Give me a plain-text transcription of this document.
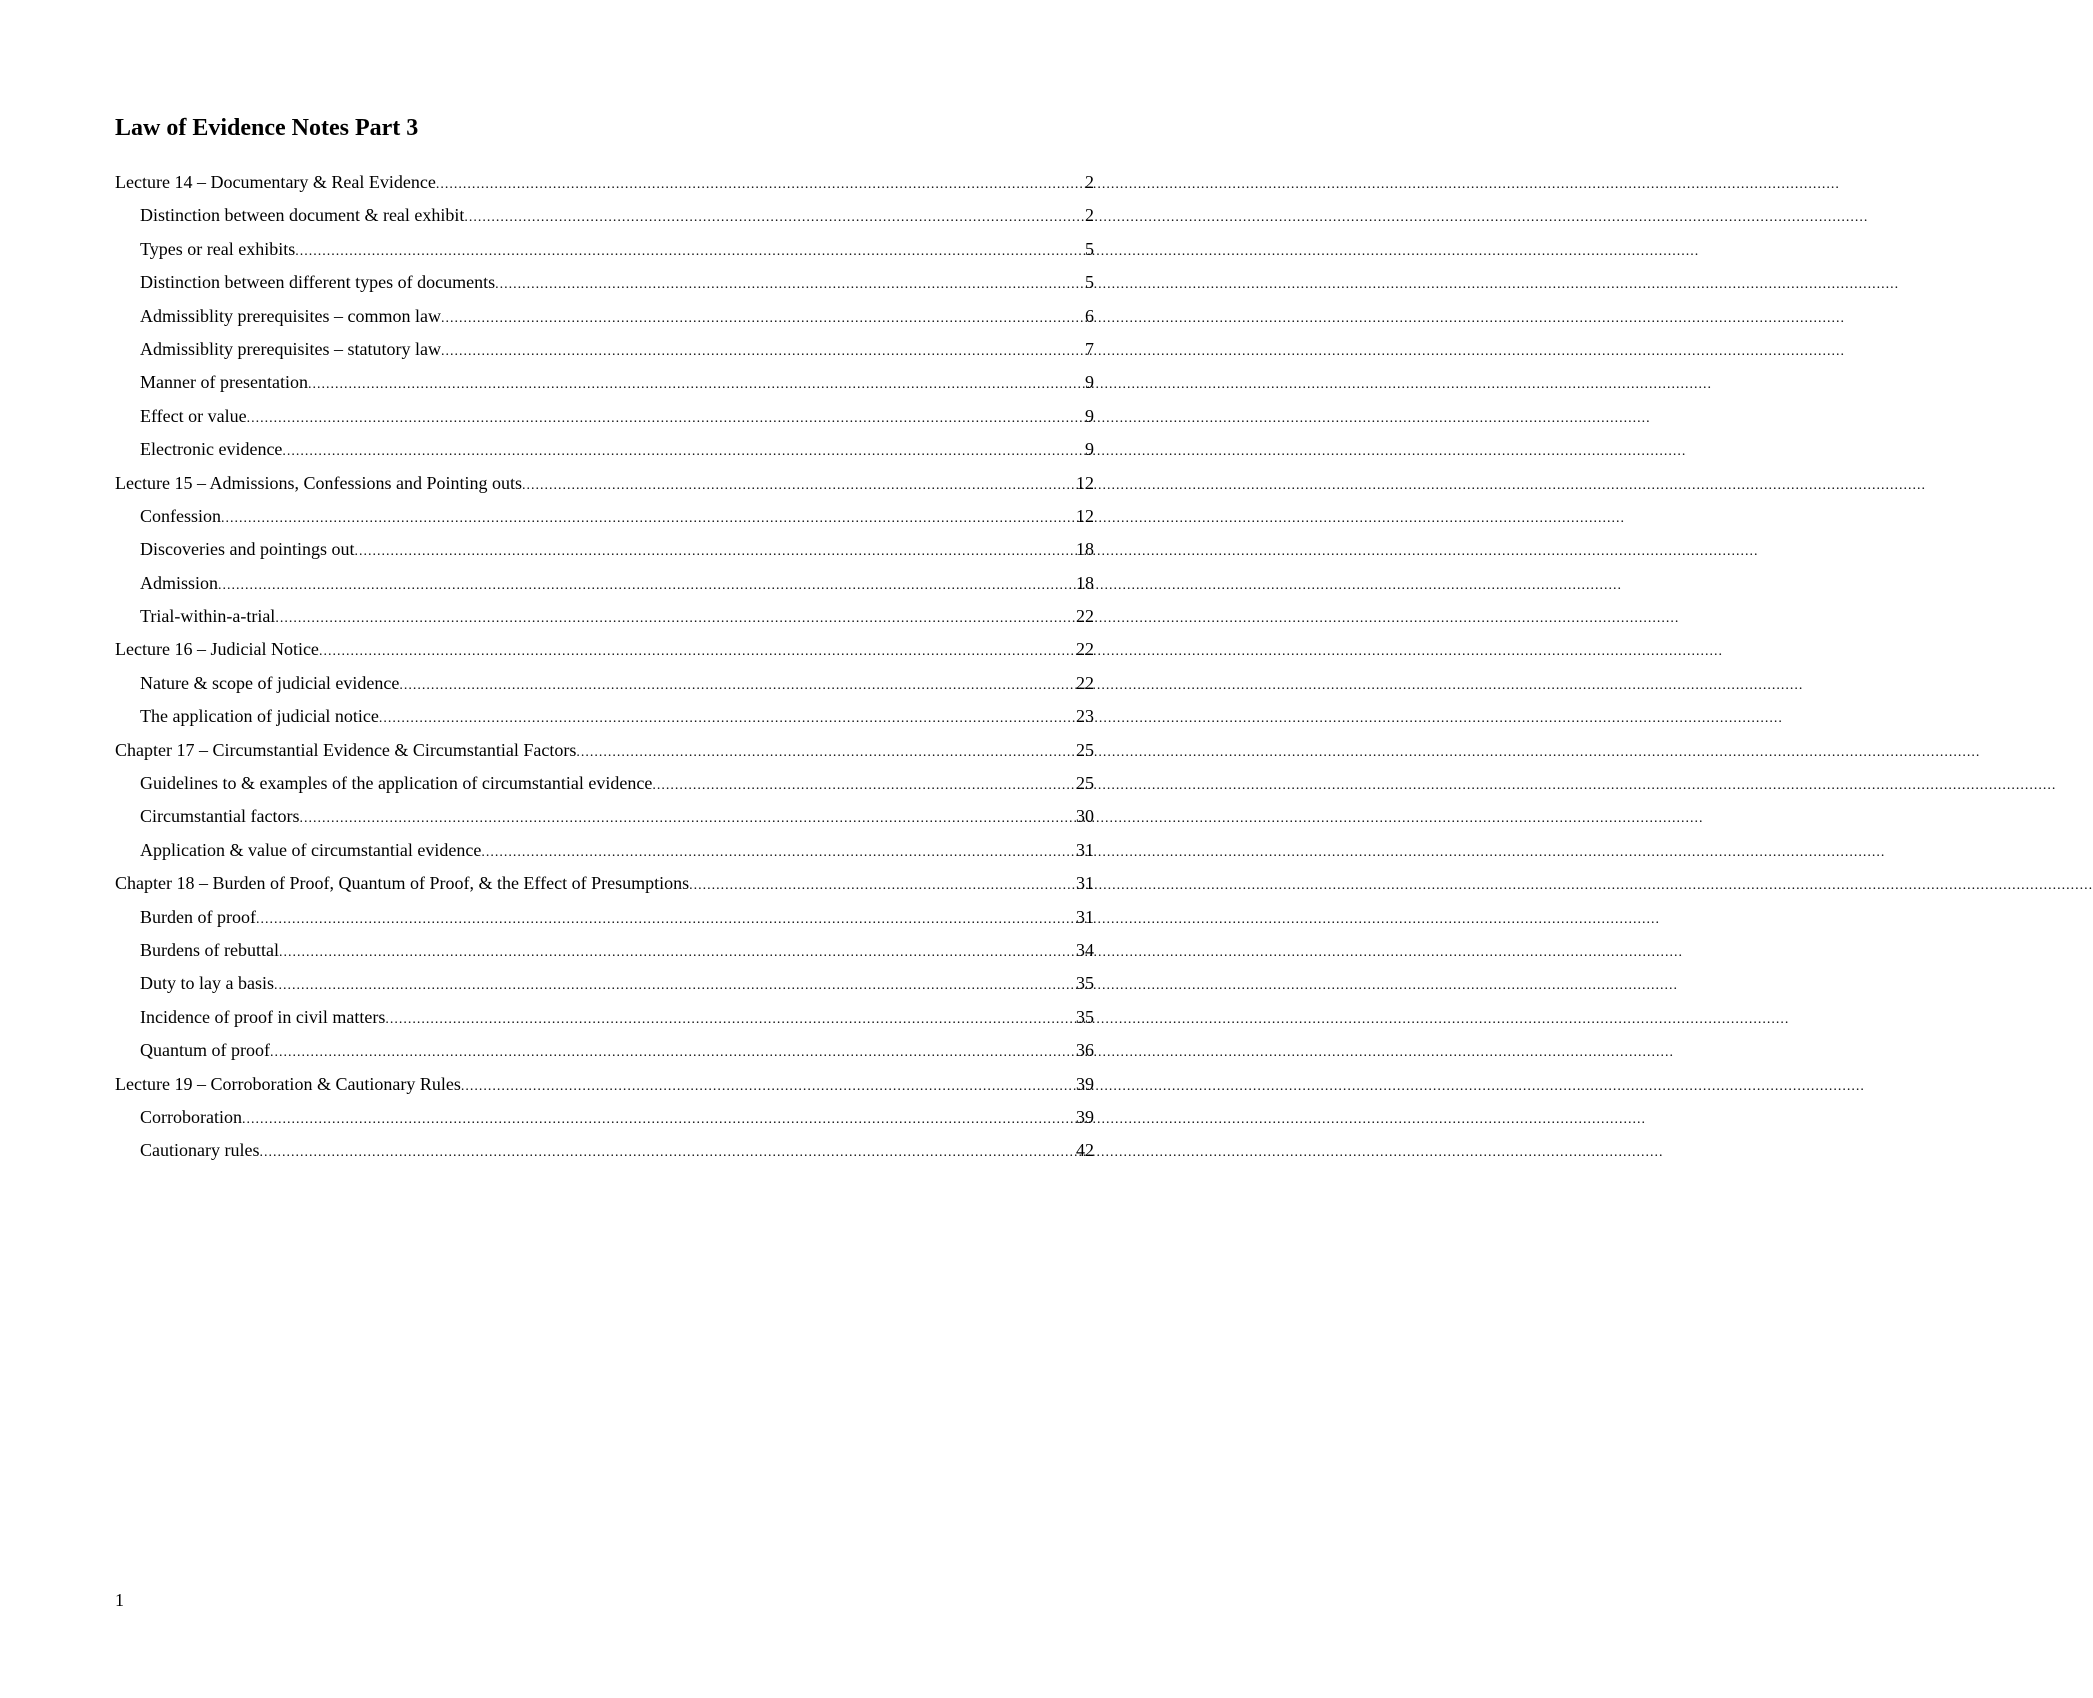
Law of Evidence Notes Part 3
Lecture 14 – Documentary & Real Evidence .....	2
Distinction between document & real exhibit .....	2
Types or real exhibits .....	5
Distinction between different types of documents .....	5
Admissiblity prerequisites – common law .....	6
Admissiblity prerequisites – statutory law .....	7
Manner of presentation .....	9
Effect or value .....	9
Electronic evidence .....	9
Lecture 15 – Admissions, Confessions and Pointing outs .....	12
Confession .....	12
Discoveries and pointings out .....	18
Admission .....	18
Trial-within-a-trial .....	22
Lecture 16 – Judicial Notice .....	22
Nature & scope of judicial evidence .....	22
The application of judicial notice .....	23
Chapter 17 – Circumstantial Evidence & Circumstantial Factors .....	25
Guidelines to & examples of the application of circumstantial evidence .....	25
Circumstantial factors .....	30
Application & value of circumstantial evidence .....	31
Chapter 18 – Burden of Proof, Quantum of Proof, & the Effect of Presumptions .....	31
Burden of proof .....	31
Burdens of rebuttal .....	34
Duty to lay a basis .....	35
Incidence of proof in civil matters .....	35
Quantum of proof .....	36
Lecture 19 – Corroboration & Cautionary Rules .....	39
Corroboration .....	39
Cautionary rules .....	42
1
